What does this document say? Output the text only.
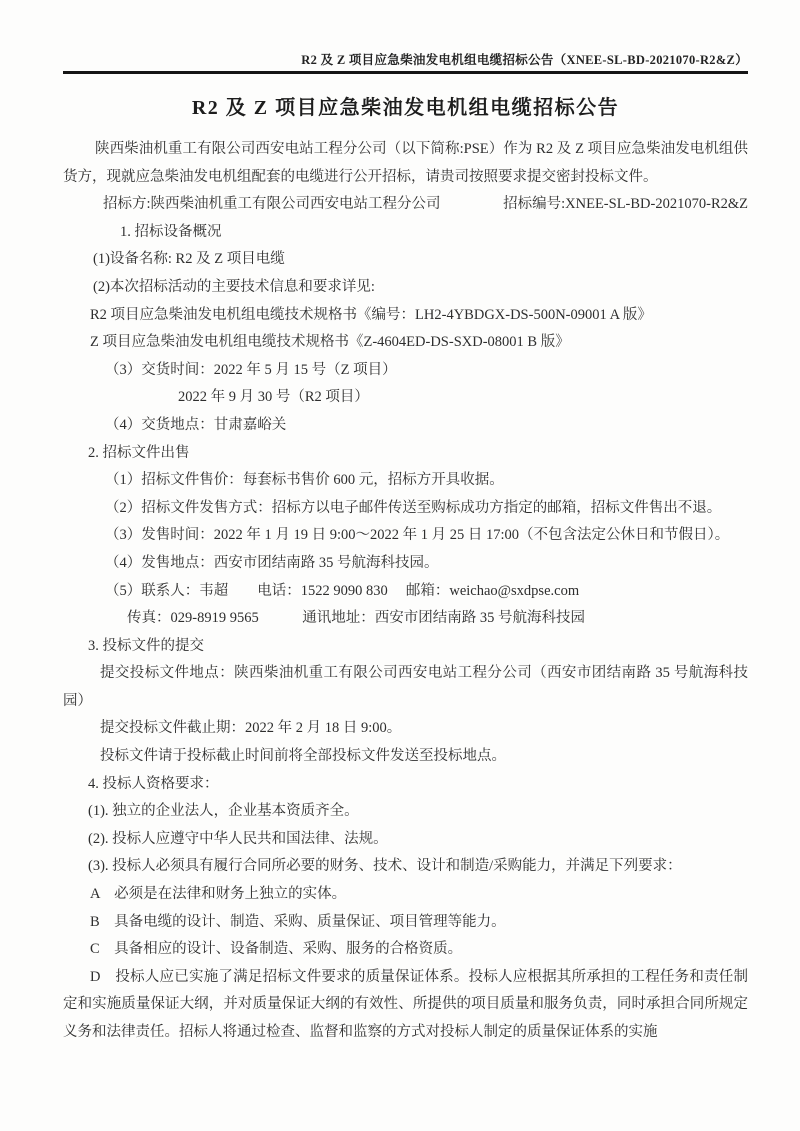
R2 及 Z 项目应急柴油发电机组电缆招标公告（XNEE-SL-BD-2021070-R2&Z）
R2 及 Z 项目应急柴油发电机组电缆招标公告

陕西柴油机重工有限公司西安电站工程分公司（以下简称:PSE）作为 R2 及 Z 项目应急柴油发电机组供货方，现就应急柴油发电机组配套的电缆进行公开招标，请贵司按照要求提交密封投标文件。

招标方:陕西柴油机重工有限公司西安电站工程分公司	招标编号:XNEE-SL-BD-2021070-R2&Z

1. 招标设备概况

(1)设备名称: R2 及 Z 项目电缆

(2)本次招标活动的主要技术信息和要求详见:

R2 项目应急柴油发电机组电缆技术规格书《编号：LH2-4YBDGX-DS-500N-09001 A 版》

Z 项目应急柴油发电机组电缆技术规格书《Z-4604ED-DS-SXD-08001 B 版》

（3）交货时间：2022 年 5 月 15 号（Z 项目）

2022 年 9 月 30 号（R2 项目）

（4）交货地点：甘肃嘉峪关

2. 招标文件出售

（1）招标文件售价：每套标书售价 600 元，招标方开具收据。

（2）招标文件发售方式：招标方以电子邮件传送至购标成功方指定的邮箱，招标文件售出不退。

（3）发售时间：2022 年 1 月 19 日 9:00～2022 年 1 月 25 日 17:00（不包含法定公休日和节假日）。

（4）发售地点：西安市团结南路 35 号航海科技园。

（5）联系人：韦超　　电话：1522 9090 830　 邮箱：weichao@sxdpse.com

传真：029-8919 9565　　　通讯地址：西安市团结南路 35 号航海科技园

3. 投标文件的提交

提交投标文件地点：陕西柴油机重工有限公司西安电站工程分公司（西安市团结南路 35 号航海科技园）

提交投标文件截止期：2022 年 2 月 18 日 9:00。

投标文件请于投标截止时间前将全部投标文件发送至投标地点。

4. 投标人资格要求：

(1). 独立的企业法人，企业基本资质齐全。

(2). 投标人应遵守中华人民共和国法律、法规。

(3). 投标人必须具有履行合同所必要的财务、技术、设计和制造/采购能力，并满足下列要求：

A　必须是在法律和财务上独立的实体。

B　具备电缆的设计、制造、采购、质量保证、项目管理等能力。

C　具备相应的设计、设备制造、采购、服务的合格资质。

D　投标人应已实施了满足招标文件要求的质量保证体系。投标人应根据其所承担的工程任务和责任制定和实施质量保证大纲，并对质量保证大纲的有效性、所提供的项目质量和服务负责，同时承担合同所规定义务和法律责任。招标人将通过检查、监督和监察的方式对投标人制定的质量保证体系的实施
